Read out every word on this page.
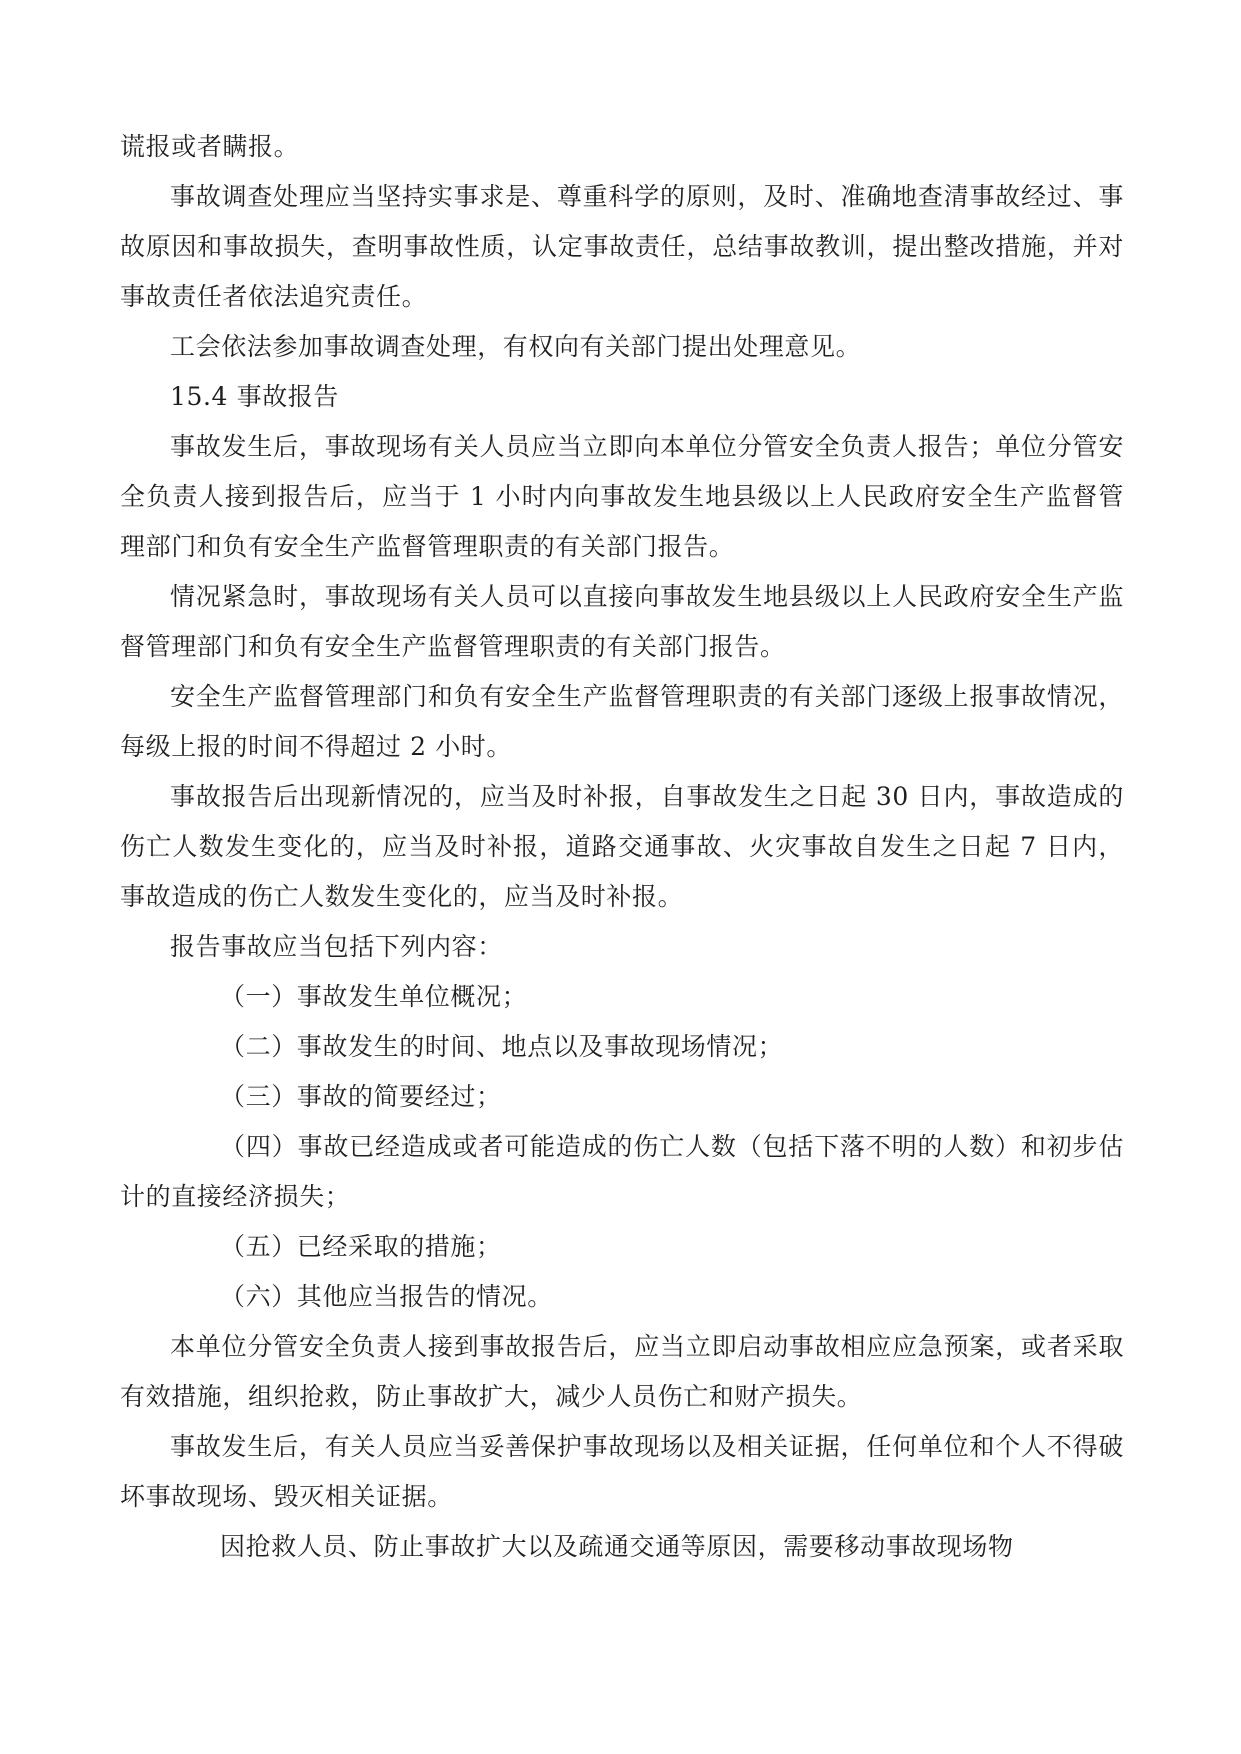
谎报或者瞒报。

事故调查处理应当坚持实事求是、尊重科学的原则，及时、准确地查清事故经过、事故原因和事故损失，查明事故性质，认定事故责任，总结事故教训，提出整改措施，并对事故责任者依法追究责任。

工会依法参加事故调查处理，有权向有关部门提出处理意见。

15.4 事故报告

事故发生后，事故现场有关人员应当立即向本单位分管安全负责人报告；单位分管安全负责人接到报告后，应当于 1 小时内向事故发生地县级以上人民政府安全生产监督管理部门和负有安全生产监督管理职责的有关部门报告。

情况紧急时，事故现场有关人员可以直接向事故发生地县级以上人民政府安全生产监督管理部门和负有安全生产监督管理职责的有关部门报告。

安全生产监督管理部门和负有安全生产监督管理职责的有关部门逐级上报事故情况，每级上报的时间不得超过 2 小时。

事故报告后出现新情况的，应当及时补报，自事故发生之日起 30 日内，事故造成的伤亡人数发生变化的，应当及时补报，道路交通事故、火灾事故自发生之日起 7 日内，事故造成的伤亡人数发生变化的，应当及时补报。

报告事故应当包括下列内容：

（一）事故发生单位概况；

（二）事故发生的时间、地点以及事故现场情况；

（三）事故的简要经过；

（四）事故已经造成或者可能造成的伤亡人数（包括下落不明的人数）和初步估计的直接经济损失；

（五）已经采取的措施；

（六）其他应当报告的情况。

本单位分管安全负责人接到事故报告后，应当立即启动事故相应应急预案，或者采取有效措施，组织抢救，防止事故扩大，减少人员伤亡和财产损失。

事故发生后，有关人员应当妥善保护事故现场以及相关证据，任何单位和个人不得破坏事故现场、毁灭相关证据。

因抢救人员、防止事故扩大以及疏通交通等原因，需要移动事故现场物
